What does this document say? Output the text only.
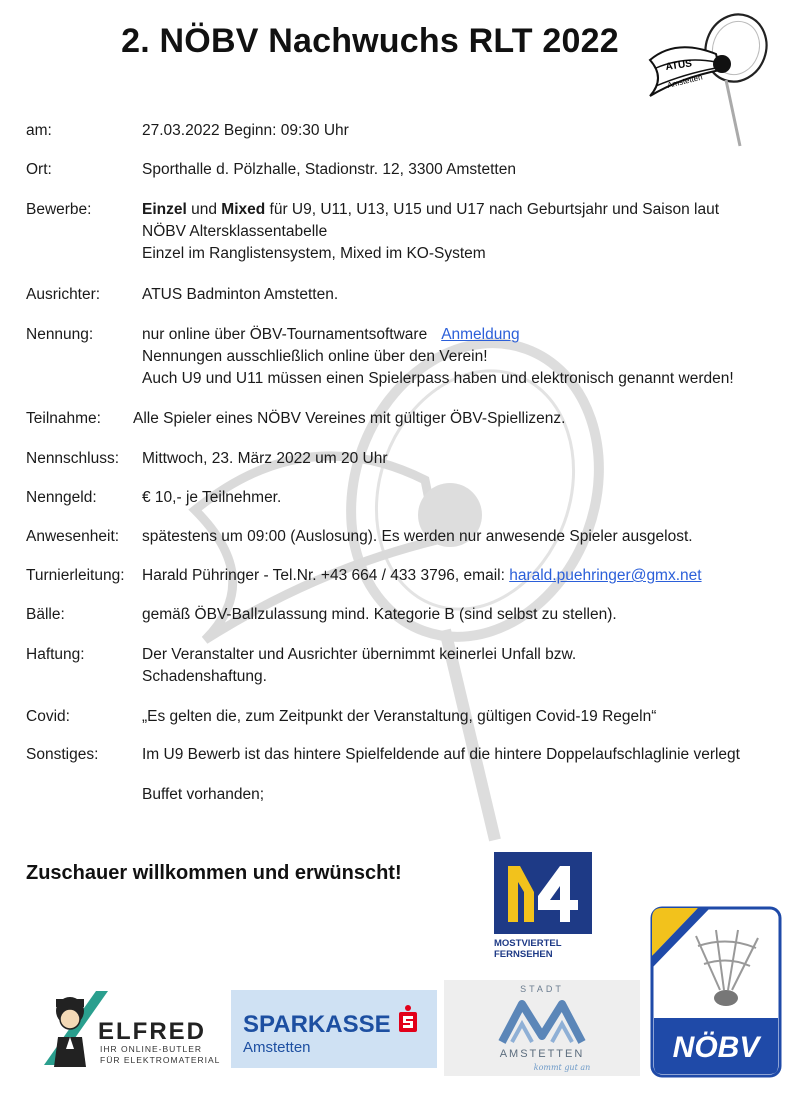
2. NÖBV Nachwuchs RLT 2022
ATUS
Amstetten
am:	27.03.2022 Beginn: 09:30 Uhr
Ort:	Sporthalle d. Pölzhalle, Stadionstr. 12, 3300 Amstetten
Bewerbe:	Einzel und Mixed für U9, U11, U13, U15 und U17 nach Geburtsjahr und Saison laut
NÖBV Altersklassentabelle
Einzel im Ranglistensystem, Mixed im KO-System
Ausrichter:	ATUS Badminton Amstetten.
Nennung:	nur online über ÖBV-Tournamentsoftware Anmeldung
Nennungen ausschließlich online über den Verein!
Auch U9 und U11 müssen einen Spielerpass haben und elektronisch genannt werden!
Teilnahme: Alle Spieler eines NÖBV Vereines mit gültiger ÖBV-Spiellizenz.
Nennschluss: Mittwoch, 23. März 2022 um 20 Uhr
Nenngeld:	€ 10,- je Teilnehmer.
Anwesenheit: spätestens um 09:00 (Auslosung). Es werden nur anwesende Spieler ausgelost.
Turnierleitung: Harald Pühringer - Tel.Nr. +43 664 / 433 3796, email: harald.puehringer@gmx.net
Bälle:	gemäß ÖBV-Ballzulassung mind. Kategorie B (sind selbst zu stellen).
Haftung:	Der Veranstalter und Ausrichter übernimmt keinerlei Unfall bzw.
Schadenshaftung.
Covid:	„Es gelten die, zum Zeitpunkt der Veranstaltung, gültigen Covid-19 Regeln“
Sonstiges:	Im U9 Bewerb ist das hintere Spielfeldende auf die hintere Doppelaufschlaglinie verlegt
Buffet vorhanden;
Zuschauer willkommen und erwünscht!
MOSTVIERTEL
FERNSEHEN
NÖBV
ELFRED
IHR ONLINE-BUTLER
FÜR ELEKTROMATERIAL
SPARKASSE
Amstetten
STADT
AMSTETTEN
kommt gut an
